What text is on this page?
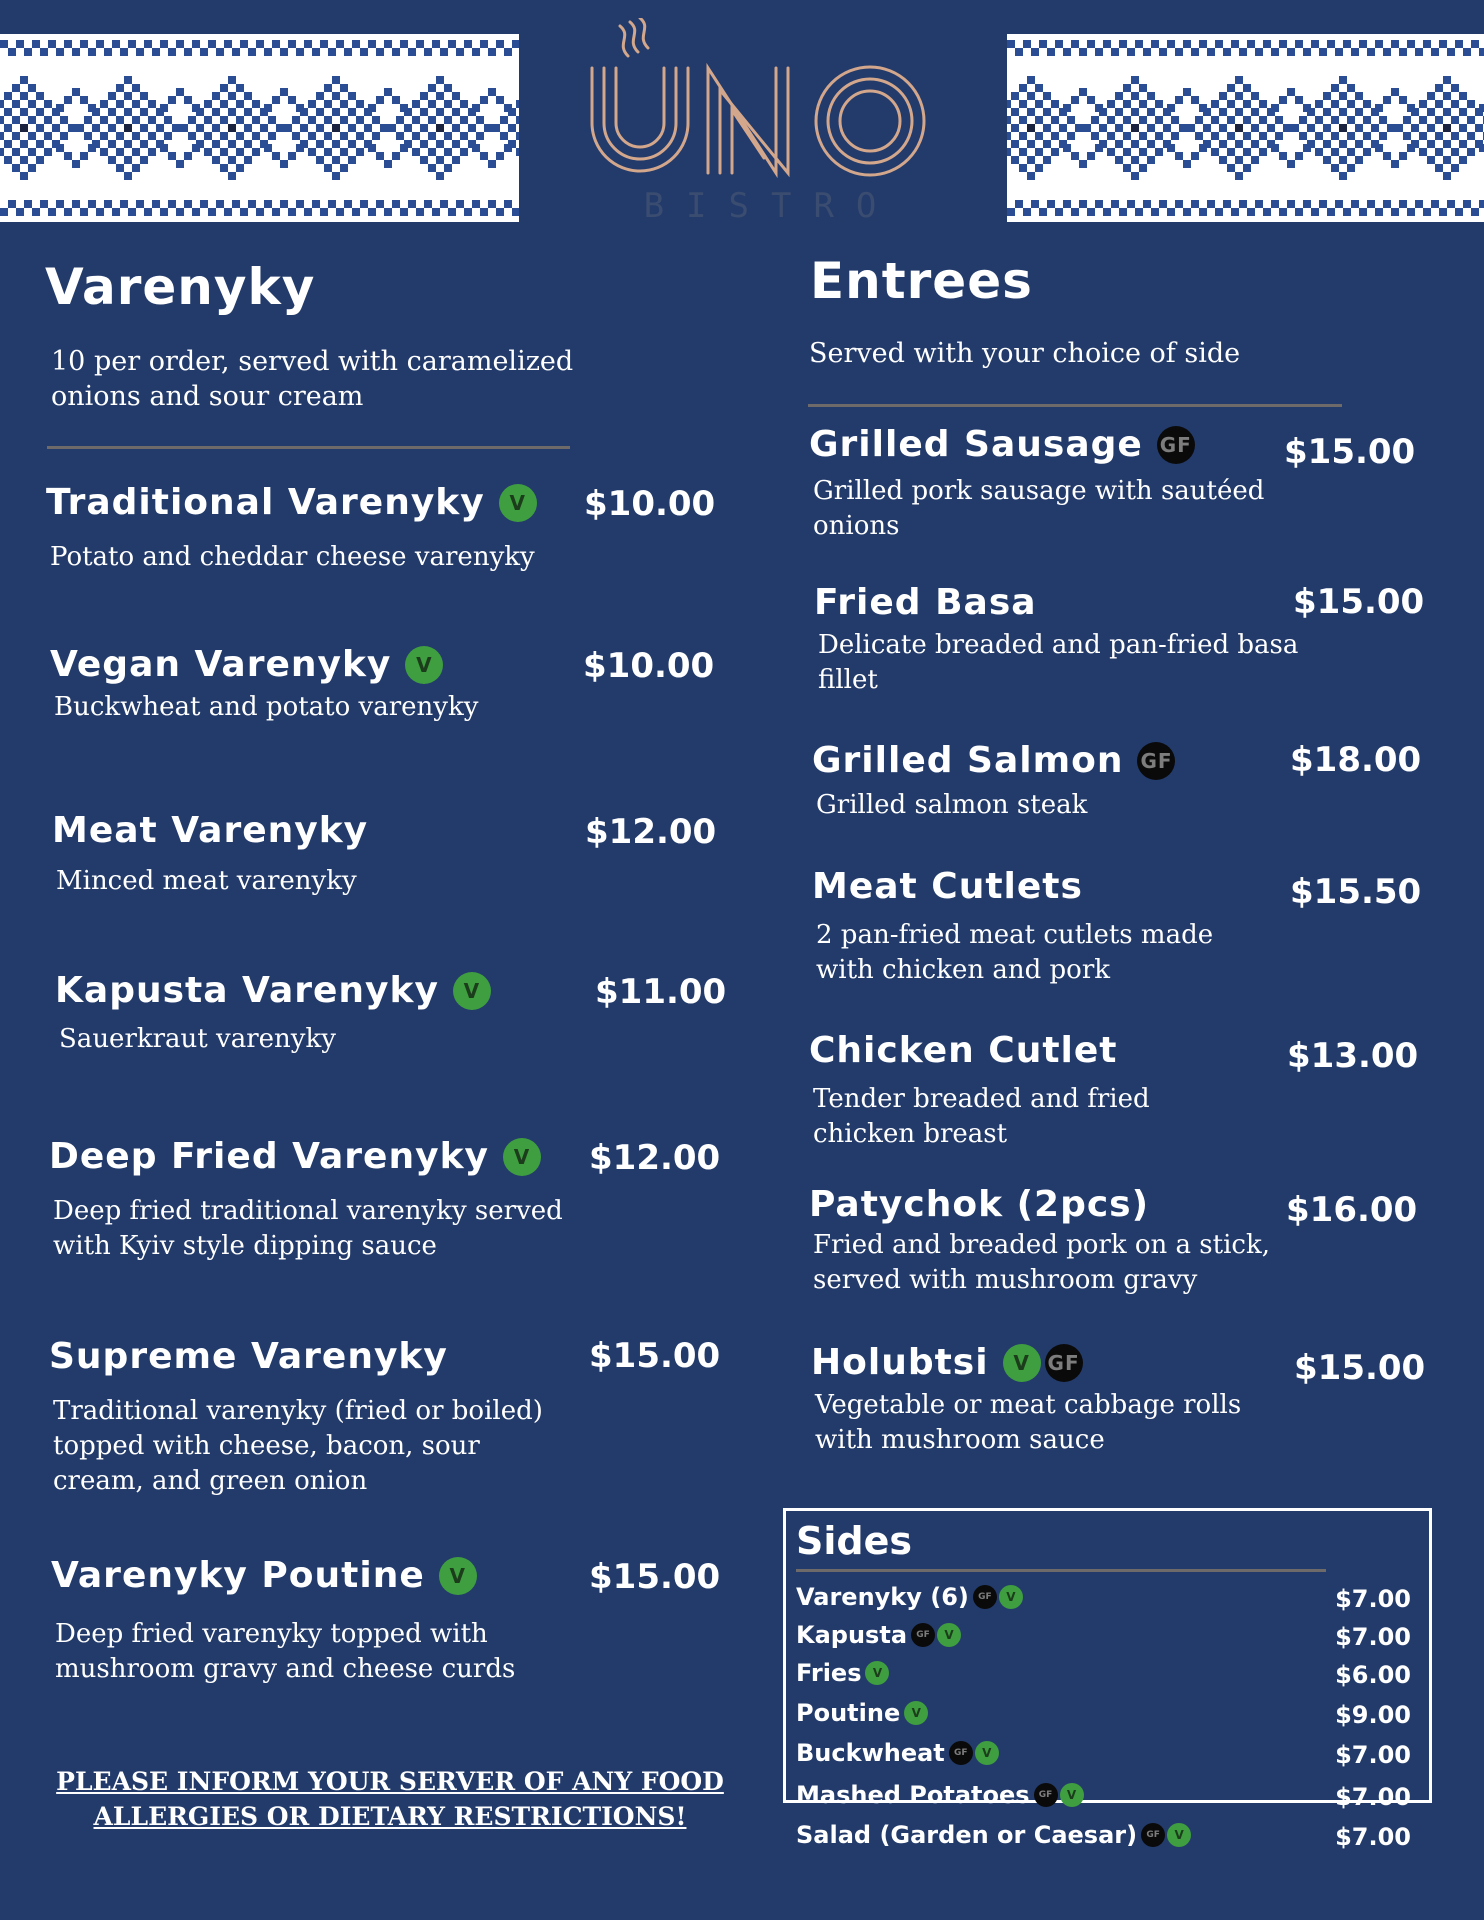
BISTRO
Varenyky
10 per order, served with caramelized onions and sour cream
Traditional Varenyky	V	$10.00
Potato and cheddar cheese varenyky
Vegan Varenyky	V	$10.00
Buckwheat and potato varenyky
Meat Varenyky	$12.00
Minced meat varenyky
Kapusta Varenyky	V	$11.00
Sauerkraut varenyky
Deep Fried Varenyky	V	$12.00
Deep fried traditional varenyky served with Kyiv style dipping sauce
Supreme Varenyky	$15.00
Traditional varenyky (fried or boiled) topped with cheese, bacon, sour cream, and green onion
Varenyky Poutine	V	$15.00
Deep fried varenyky topped with mushroom gravy and cheese curds
Entrees
Served with your choice of side
Grilled Sausage GF	$15.00
Grilled pork sausage with sautéed onions
Fried Basa	$15.00
Delicate breaded and pan-fried basa fillet
Grilled Salmon GF	$18.00
Grilled salmon steak
Meat Cutlets	$15.50
2 pan-fried meat cutlets made with chicken and pork
Chicken Cutlet	$13.00
Tender breaded and fried chicken breast
Patychok (2pcs)	$16.00
Fried and breaded pork on a stick, served with mushroom gravy
Holubtsi	V GF	$15.00
Vegetable or meat cabbage rolls with mushroom sauce
Sides
Varenyky (6)	GF	V	$7.00
Kapusta	GF	V	$7.00
Fries V	$6.00
Poutine V	$9.00
Buckwheat	GF	V	$7.00
Mashed Potatoes	GF	V	$7.00
Salad (Garden or Caesar)	GF	V	$7.00
PLEASE INFORM YOUR SERVER OF ANY FOOD ALLERGIES OR DIETARY RESTRICTIONS!
